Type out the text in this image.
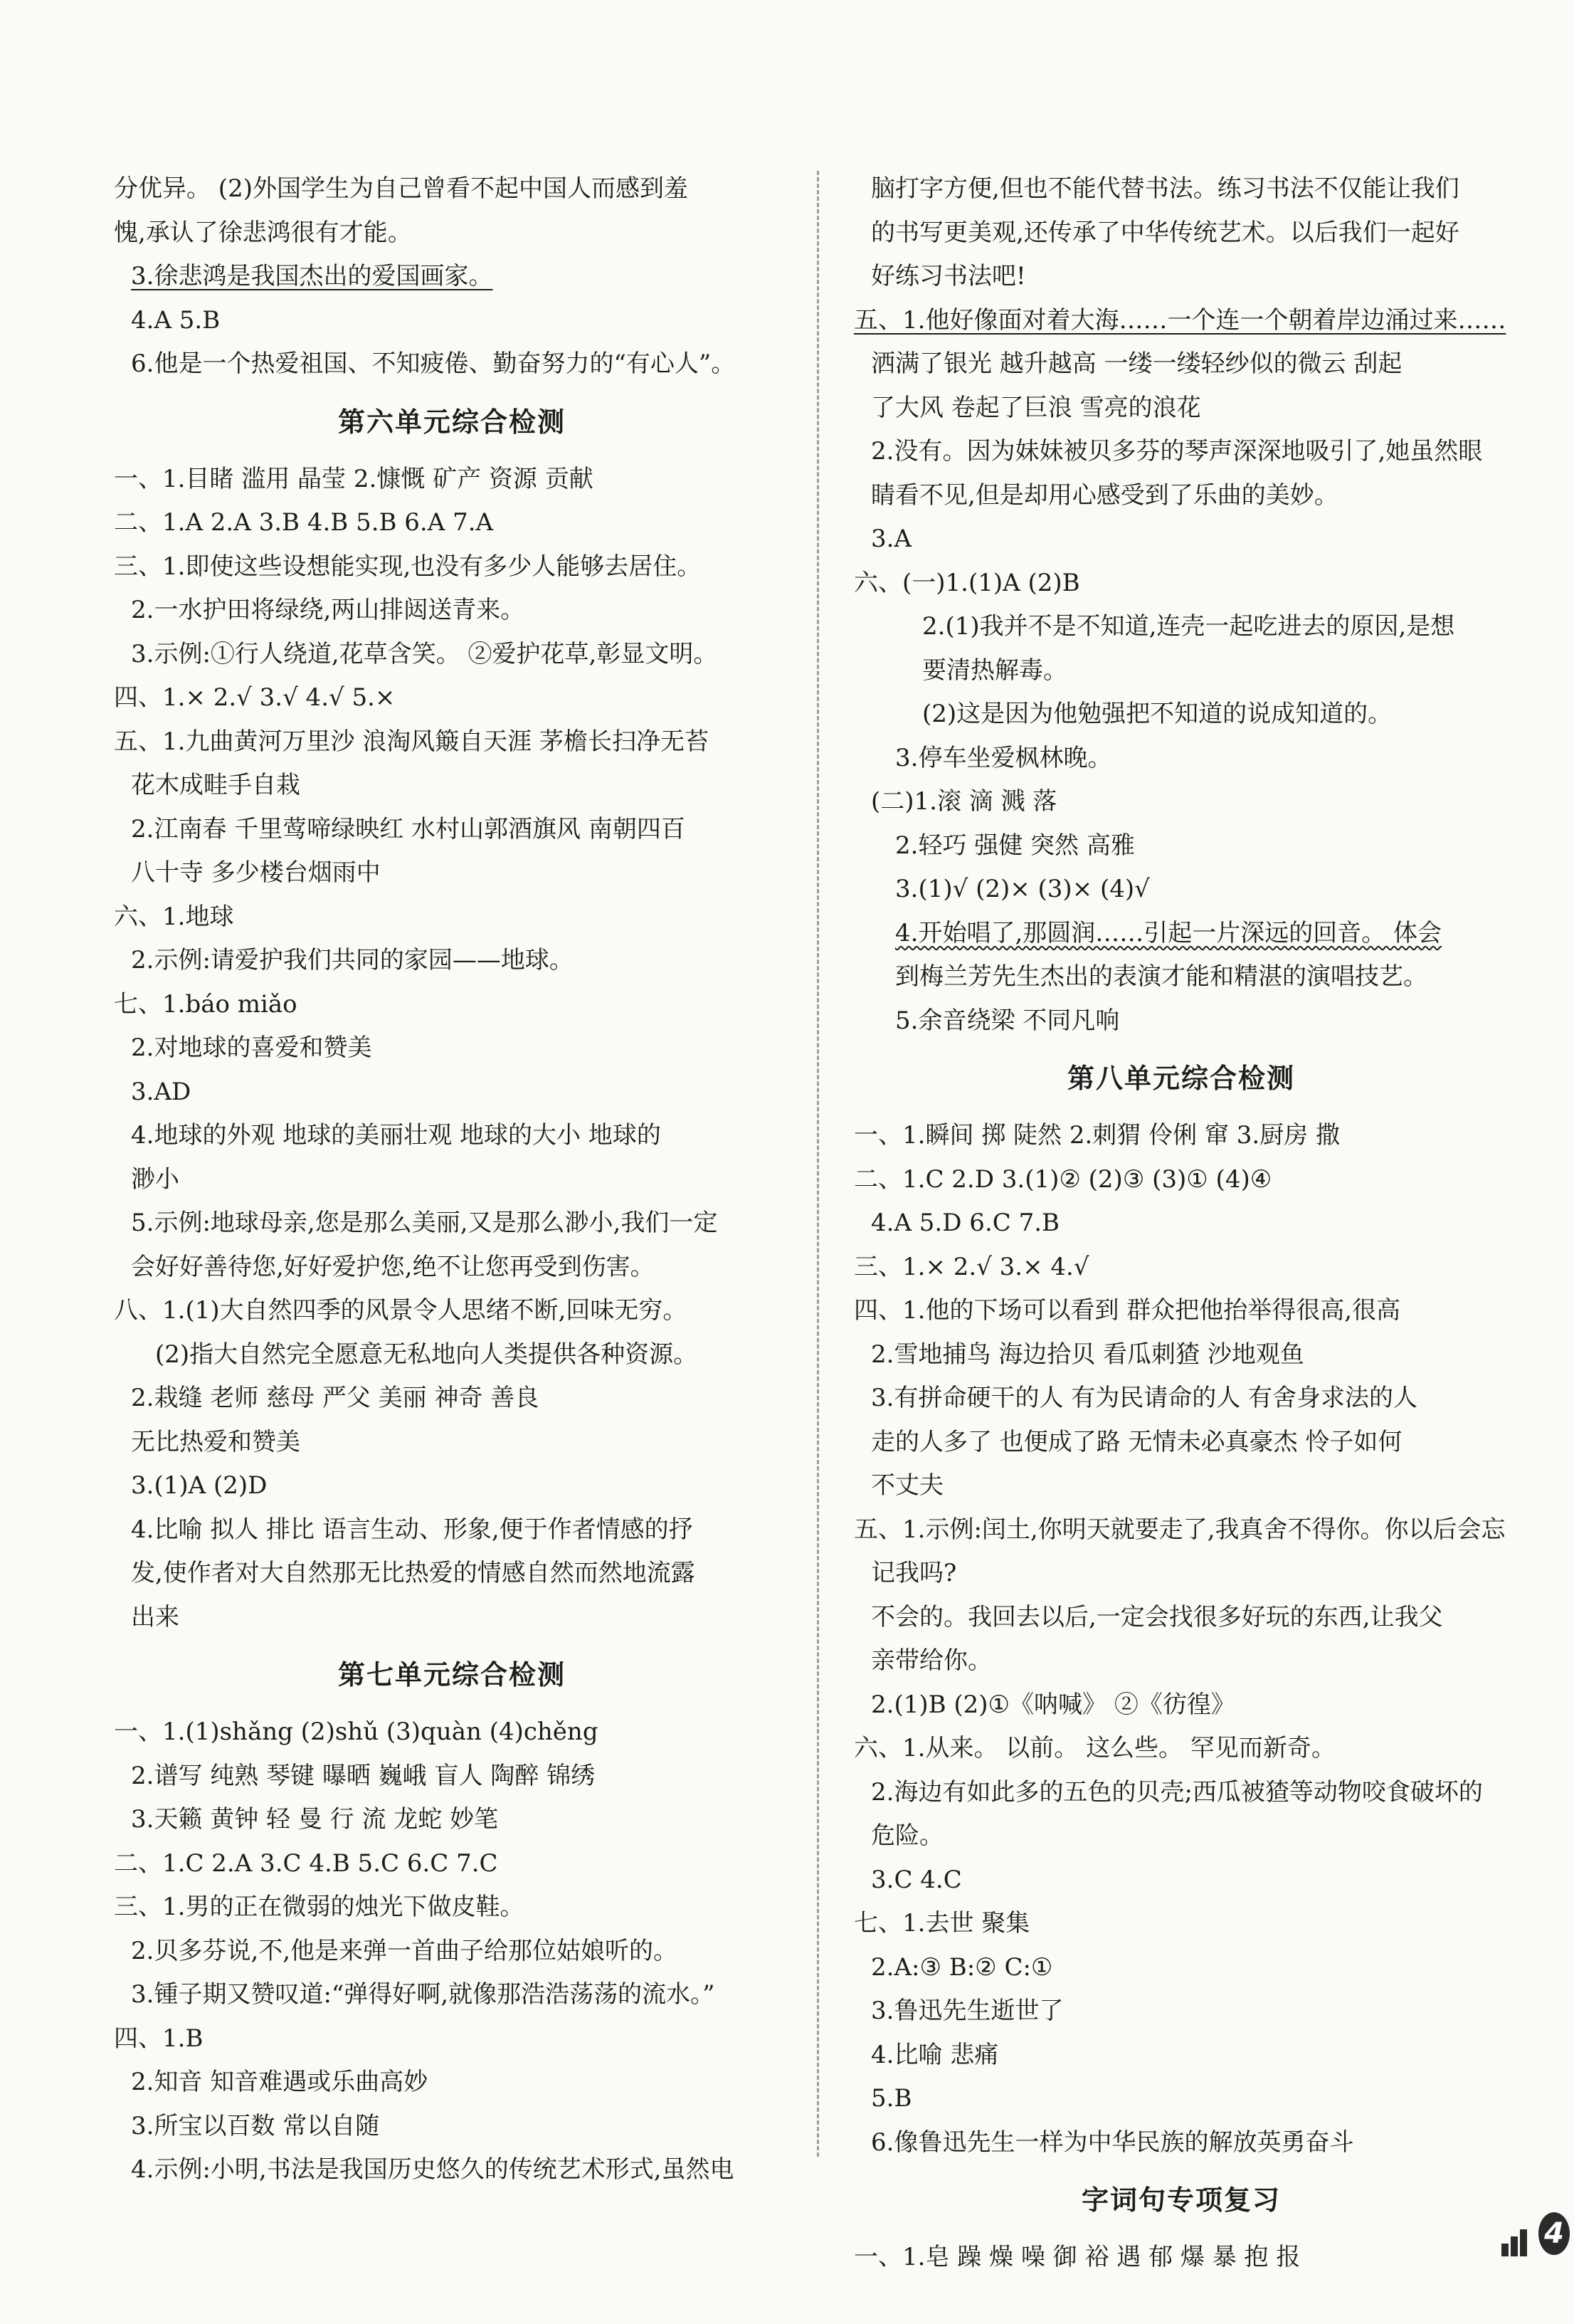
分优异。 (2)外国学生为自己曾看不起中国人而感到羞
愧,承认了徐悲鸿很有才能。
3.徐悲鸿是我国杰出的爱国画家。
4.A 5.B
6.他是一个热爱祖国、不知疲倦、勤奋努力的“有心人”。
第六单元综合检测
一、1.目睹 滥用 晶莹 2.慷慨 矿产 资源 贡献
二、1.A 2.A 3.B 4.B 5.B 6.A 7.A
三、1.即使这些设想能实现,也没有多少人能够去居住。
2.一水护田将绿绕,两山排闼送青来。
3.示例:①行人绕道,花草含笑。 ②爱护花草,彰显文明。
四、1.× 2.√ 3.√ 4.√ 5.×
五、1.九曲黄河万里沙 浪淘风簸自天涯 茅檐长扫净无苔
花木成畦手自栽
2.江南春 千里莺啼绿映红 水村山郭酒旗风 南朝四百
八十寺 多少楼台烟雨中
六、1.地球
2.示例:请爱护我们共同的家园——地球。
七、1.báo miǎo
2.对地球的喜爱和赞美
3.AD
4.地球的外观 地球的美丽壮观 地球的大小 地球的
渺小
5.示例:地球母亲,您是那么美丽,又是那么渺小,我们一定
会好好善待您,好好爱护您,绝不让您再受到伤害。
八、1.(1)大自然四季的风景令人思绪不断,回味无穷。
(2)指大自然完全愿意无私地向人类提供各种资源。
2.栽缝 老师 慈母 严父 美丽 神奇 善良
无比热爱和赞美
3.(1)A (2)D
4.比喻 拟人 排比 语言生动、形象,便于作者情感的抒
发,使作者对大自然那无比热爱的情感自然而然地流露
出来
第七单元综合检测
一、1.(1)shǎng (2)shǔ (3)quàn (4)chěng
2.谱写 纯熟 琴键 曝晒 巍峨 盲人 陶醉 锦绣
3.天籁 黄钟 轻 曼 行 流 龙蛇 妙笔
二、1.C 2.A 3.C 4.B 5.C 6.C 7.C
三、1.男的正在微弱的烛光下做皮鞋。
2.贝多芬说,不,他是来弹一首曲子给那位姑娘听的。
3.锺子期又赞叹道:“弹得好啊,就像那浩浩荡荡的流水。”
四、1.B
2.知音 知音难遇或乐曲高妙
3.所宝以百数 常以自随
4.示例:小明,书法是我国历史悠久的传统艺术形式,虽然电
脑打字方便,但也不能代替书法。练习书法不仅能让我们
的书写更美观,还传承了中华传统艺术。以后我们一起好
好练习书法吧!
五、1.他好像面对着大海……一个连一个朝着岸边涌过来……
洒满了银光 越升越高 一缕一缕轻纱似的微云 刮起
了大风 卷起了巨浪 雪亮的浪花
2.没有。因为妹妹被贝多芬的琴声深深地吸引了,她虽然眼
睛看不见,但是却用心感受到了乐曲的美妙。
3.A
六、(一)1.(1)A (2)B
2.(1)我并不是不知道,连壳一起吃进去的原因,是想
要清热解毒。
(2)这是因为他勉强把不知道的说成知道的。
3.停车坐爱枫林晚。
(二)1.滚 滴 溅 落
2.轻巧 强健 突然 高雅
3.(1)√ (2)× (3)× (4)√
4.开始唱了,那圆润……引起一片深远的回音。 体会
到梅兰芳先生杰出的表演才能和精湛的演唱技艺。
5.余音绕梁 不同凡响
第八单元综合检测
一、1.瞬间 掷 陡然 2.刺猬 伶俐 窜 3.厨房 撒
二、1.C 2.D 3.(1)② (2)③ (3)① (4)④
4.A 5.D 6.C 7.B
三、1.× 2.√ 3.× 4.√
四、1.他的下场可以看到 群众把他抬举得很高,很高
2.雪地捕鸟 海边拾贝 看瓜刺猹 沙地观鱼
3.有拼命硬干的人 有为民请命的人 有舍身求法的人
走的人多了 也便成了路 无情未必真豪杰 怜子如何
不丈夫
五、1.示例:闰土,你明天就要走了,我真舍不得你。你以后会忘
记我吗?
不会的。我回去以后,一定会找很多好玩的东西,让我父
亲带给你。
2.(1)B (2)①《呐喊》 ②《彷徨》
六、1.从来。 以前。 这么些。 罕见而新奇。
2.海边有如此多的五色的贝壳;西瓜被猹等动物咬食破坏的
危险。
3.C 4.C
七、1.去世 聚集
2.A:③ B:② C:①
3.鲁迅先生逝世了
4.比喻 悲痛
5.B
6.像鲁迅先生一样为中华民族的解放英勇奋斗
字词句专项复习
一、1.皂 躁 燥 噪 御 裕 遇 郁 爆 暴 抱 报
4
